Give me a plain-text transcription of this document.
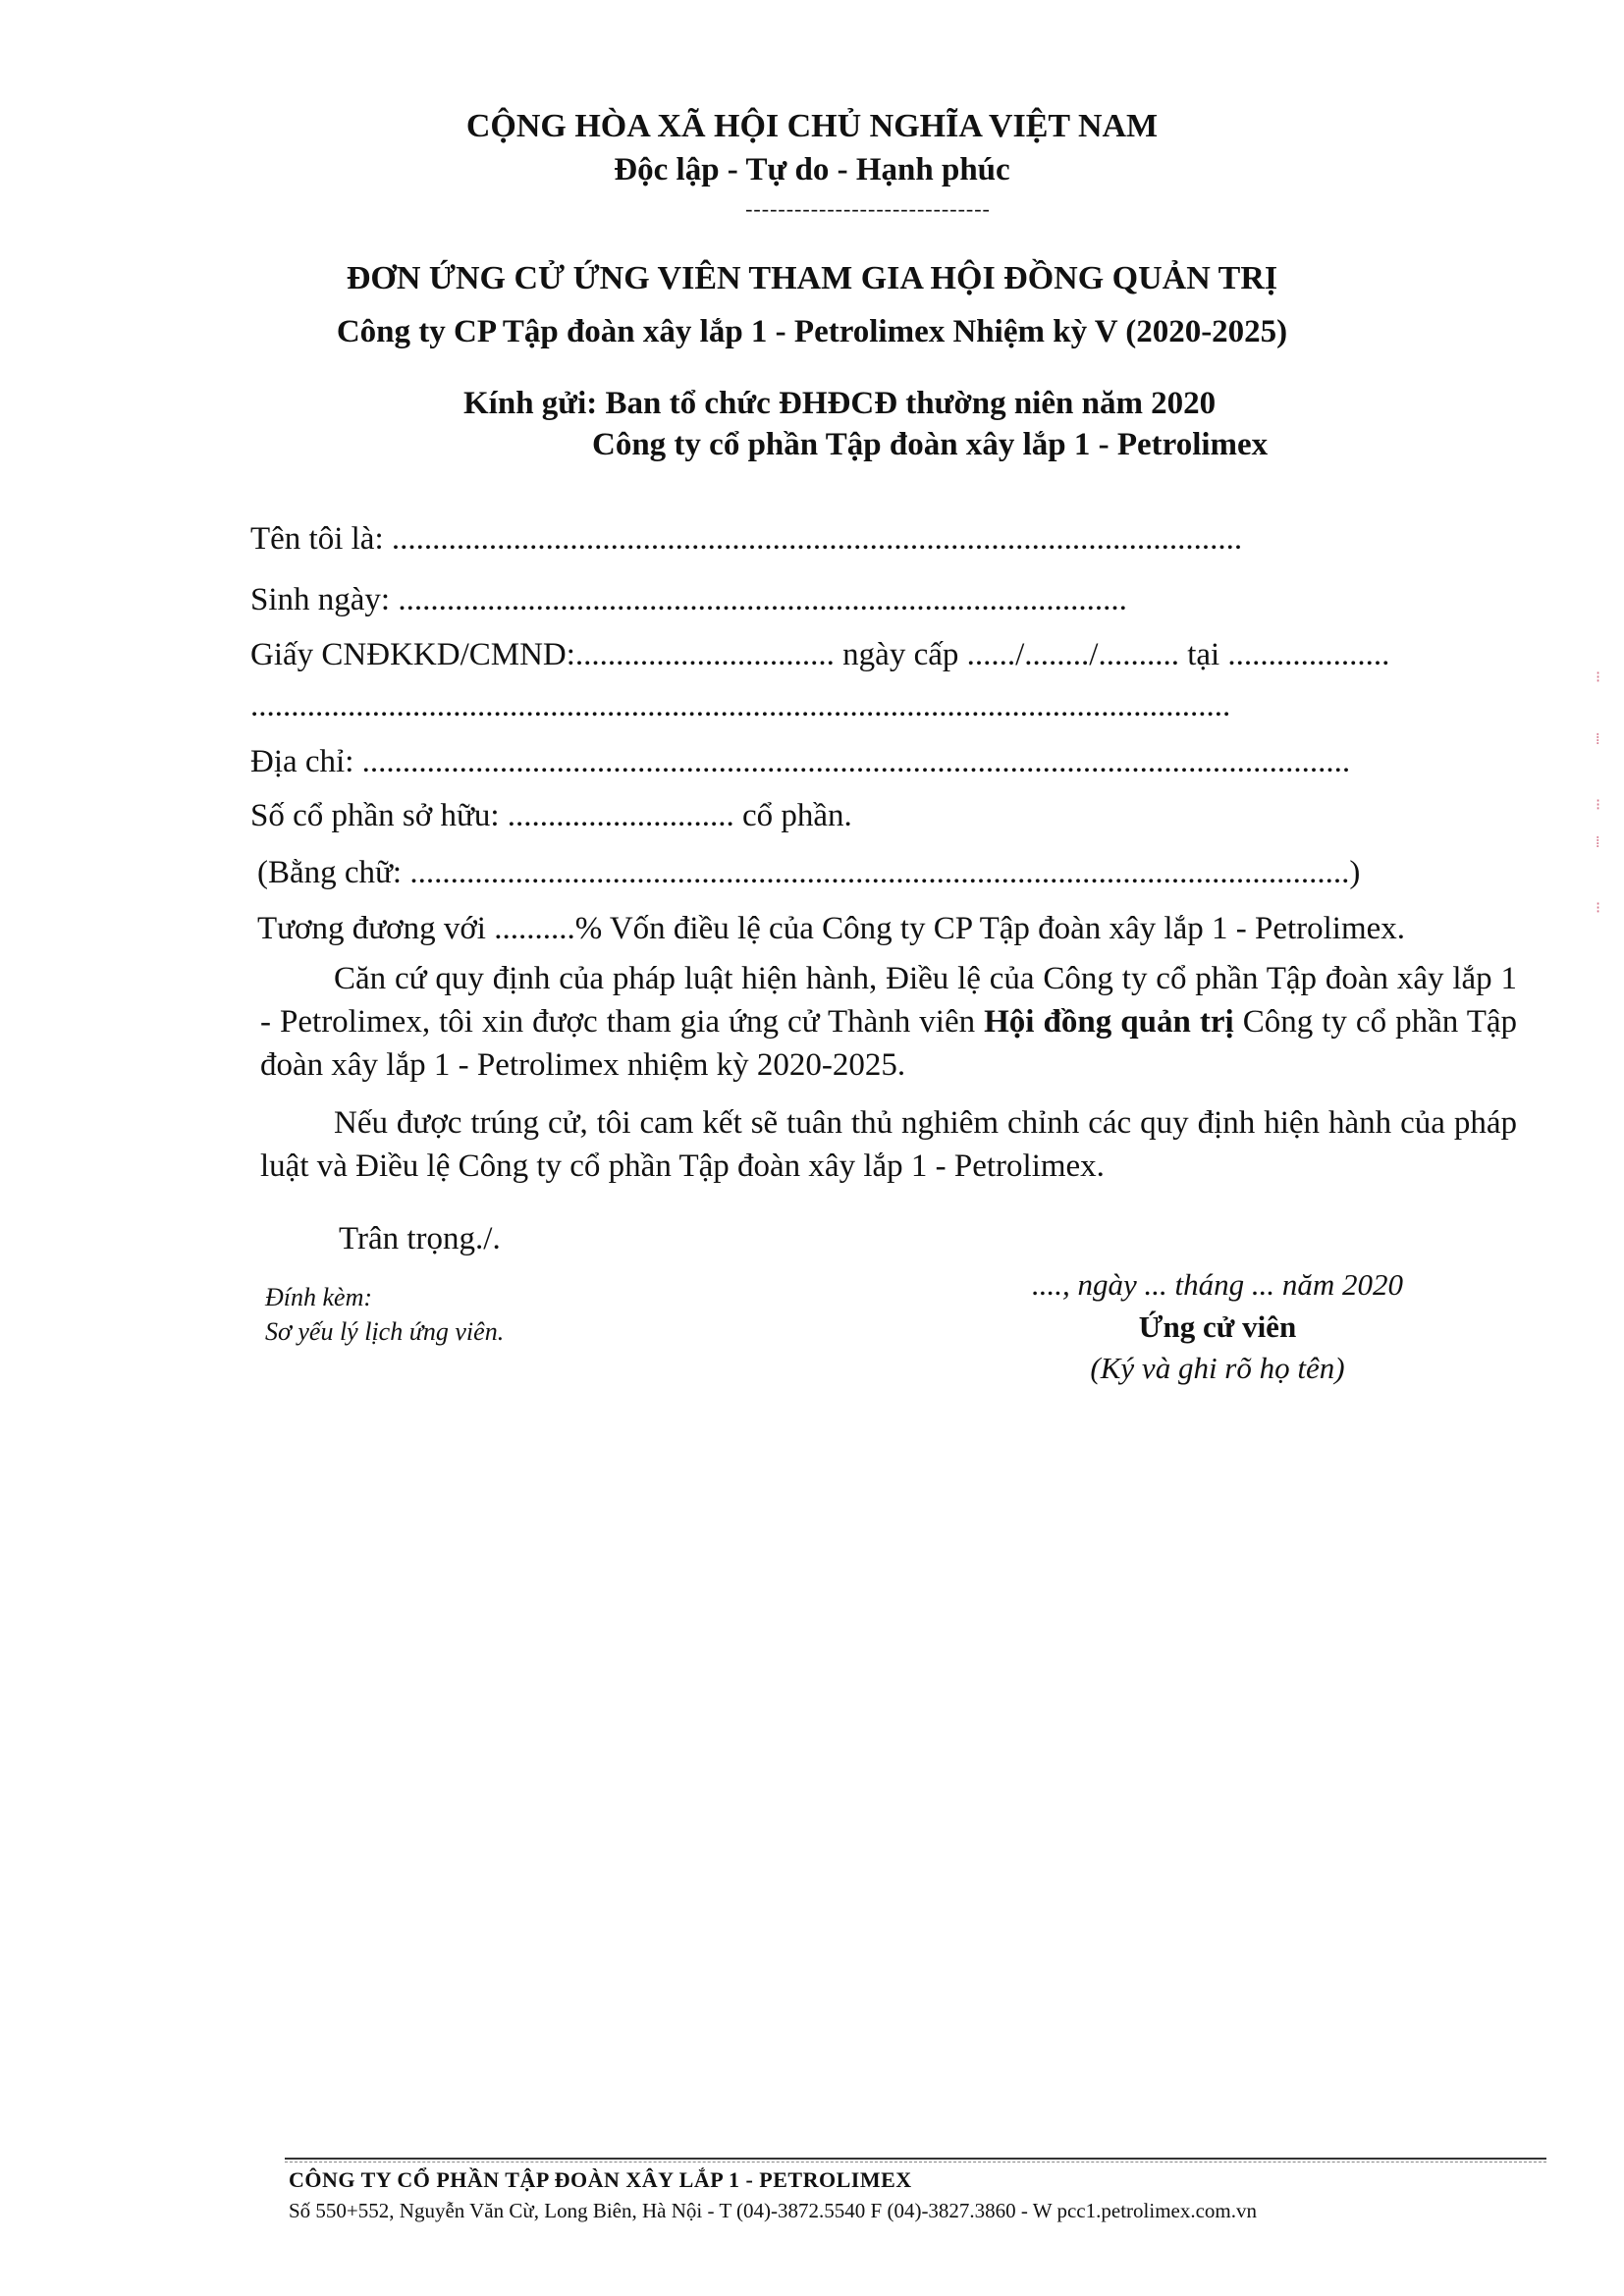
CỘNG HÒA XÃ HỘI CHỦ NGHĨA VIỆT NAM
Độc lập - Tự do - Hạnh phúc
------------------------------
ĐƠN ỨNG CỬ ỨNG VIÊN THAM GIA HỘI ĐỒNG QUẢN TRỊ
Công ty CP Tập đoàn xây lắp 1 - Petrolimex Nhiệm kỳ V (2020-2025)
Kính gửi: Ban tổ chức ĐHĐCĐ thường niên năm 2020
Công ty cổ phần Tập đoàn xây lắp 1 - Petrolimex
Tên tôi là: .........................................................................................................
Sinh ngày: ..........................................................................................
Giấy CNĐKKD/CMND:................................ ngày cấp ....../......../.......... tại ....................
.........................................................................................................................
Địa chỉ: ..........................................................................................................................
Số cổ phần sở hữu: ............................ cổ phần.
(Bằng chữ: ....................................................................................................................)
Tương đương với ..........% Vốn điều lệ của Công ty CP Tập đoàn xây lắp 1 - Petrolimex.
Căn cứ quy định của pháp luật hiện hành, Điều lệ của Công ty cổ phần Tập đoàn xây lắp 1 - Petrolimex, tôi xin được tham gia ứng cử Thành viên Hội đồng quản trị Công ty cổ phần Tập đoàn xây lắp 1 - Petrolimex nhiệm kỳ 2020-2025.
Nếu được trúng cử, tôi cam kết sẽ tuân thủ nghiêm chỉnh các quy định hiện hành của pháp luật và Điều lệ Công ty cổ phần Tập đoàn xây lắp 1 - Petrolimex.
Trân trọng./.
Đính kèm:
Sơ yếu lý lịch ứng viên.
...., ngày ... tháng ... năm 2020
Ứng cử viên
(Ký và ghi rõ họ tên)
CÔNG TY CỔ PHẦN TẬP ĐOÀN XÂY LẮP 1 - PETROLIMEX
Số 550+552, Nguyễn Văn Cừ, Long Biên, Hà Nội - T (04)-3872.5540 F (04)-3827.3860 - W pcc1.petrolimex.com.vn
⁝
⁞
⁝
⁞
⁝
